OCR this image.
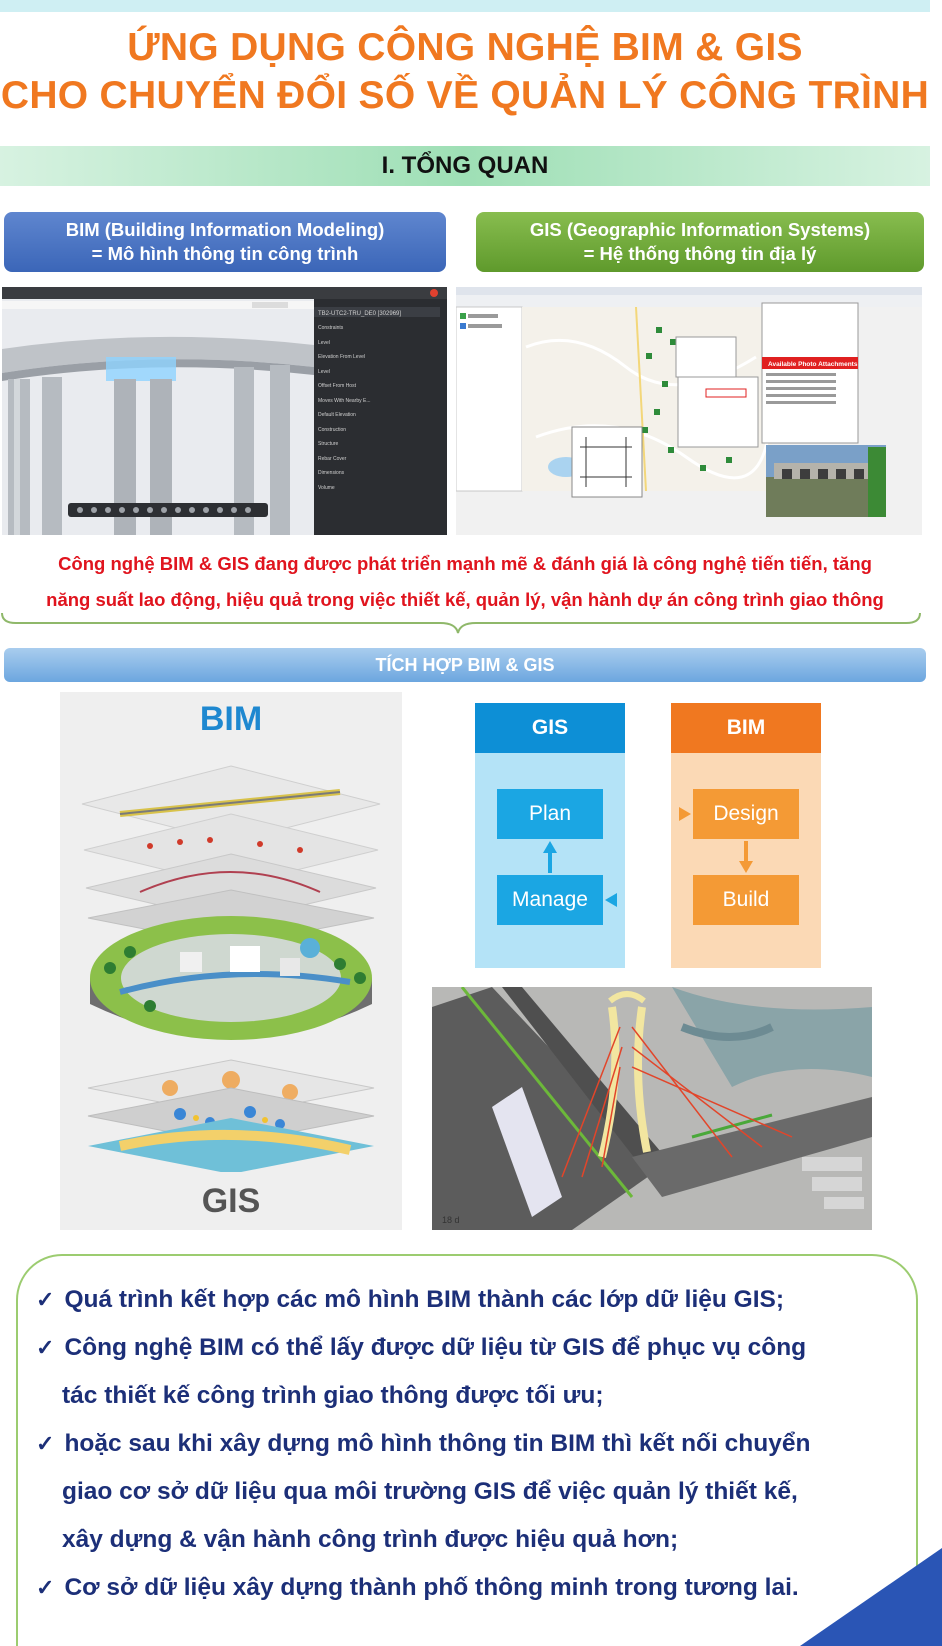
ỨNG DỤNG CÔNG NGHỆ BIM & GIS
CHO CHUYỂN ĐỔI SỐ VỀ QUẢN LÝ CÔNG TRÌNH
I. TỔNG QUAN
BIM (Building Information Modeling)
= Mô hình thông tin công trình
GIS (Geographic Information Systems)
= Hệ thống thông tin địa lý
TB2-UTC2-TRU_DE0 [302969]
Constraints
Level
Elevation From Level
Level
Offset From Host
Moves With Nearby E...
Default Elevation
Construction
Structure
Rebar Cover
Dimensions
Volume
Available Photo Attachments
Công nghệ BIM & GIS đang được phát triển mạnh mẽ & đánh giá là công nghệ tiến tiến, tăng
năng suất lao động, hiệu quả trong việc thiết kế, quản lý, vận hành dự án công trình giao thông
TÍCH HỢP BIM & GIS
BIM
GIS
GIS	BIM
Plan
Manage
Design
Build
18 d
✓ Quá trình kết hợp các mô hình BIM thành các lớp dữ liệu GIS;
✓ Công nghệ BIM có thể lấy được dữ liệu từ GIS để phục vụ công
tác thiết kế công trình giao thông được tối ưu;
✓ hoặc sau khi xây dựng mô hình thông tin BIM thì kết nối chuyển
giao cơ sở dữ liệu qua môi trường GIS để việc quản lý thiết kế,
xây dựng & vận hành công trình được hiệu quả hơn;
✓ Cơ sở dữ liệu xây dựng thành phố thông minh trong tương lai.
